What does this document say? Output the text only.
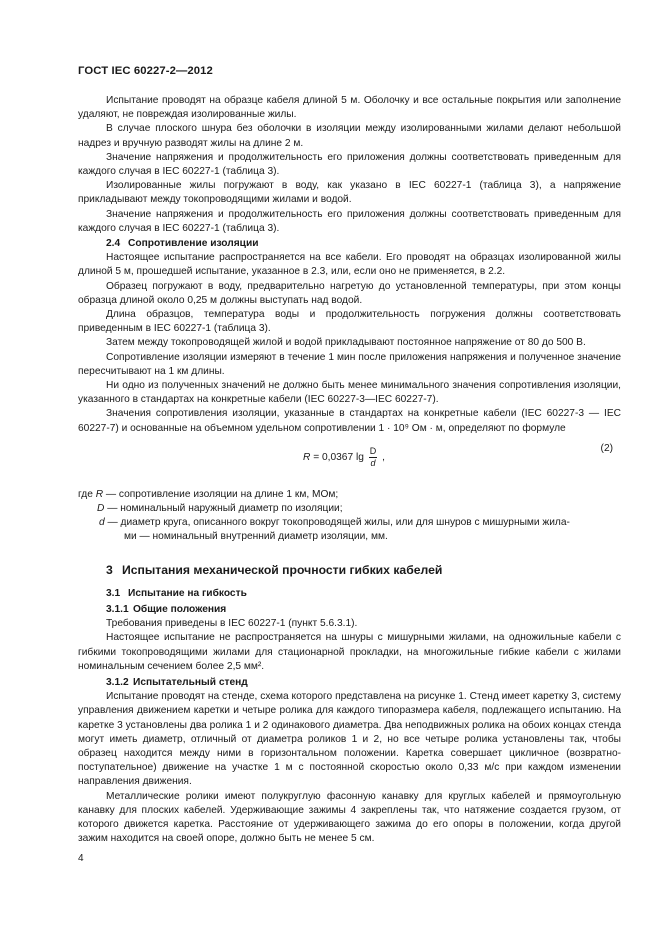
ГОСТ IEC 60227-2—2012

Испытание проводят на образце кабеля длиной 5 м. Оболочку и все остальные покрытия или заполнение удаляют, не повреждая изолированные жилы.

В случае плоского шнура без оболочки в изоляции между изолированными жилами делают небольшой надрез и вручную разводят жилы на длине 2 м.

Значение напряжения и продолжительность его приложения должны соответствовать приведенным для каждого случая в IEC 60227-1 (таблица 3).

Изолированные жилы погружают в воду, как указано в IEC 60227-1 (таблица 3), а напряжение прикладывают между токопроводящими жилами и водой.

Значение напряжения и продолжительность его приложения должны соответствовать приведенным для каждого случая в IEC 60227-1 (таблица 3).

2.4 Сопротивление изоляции

Настоящее испытание распространяется на все кабели. Его проводят на образцах изолированной жилы длиной 5 м, прошедшей испытание, указанное в 2.3, или, если оно не применяется, в 2.2.

Образец погружают в воду, предварительно нагретую до установленной температуры, при этом концы образца длиной около 0,25 м должны выступать над водой.

Длина образцов, температура воды и продолжительность погружения должны соответствовать приведенным в IEC 60227-1 (таблица 3).

Затем между токопроводящей жилой и водой прикладывают постоянное напряжение от 80 до 500 В.

Сопротивление изоляции измеряют в течение 1 мин после приложения напряжения и полученное значение пересчитывают на 1 км длины.

Ни одно из полученных значений не должно быть менее минимального значения сопротивления изоляции, указанного в стандартах на конкретные кабели (IEC 60227-3—IEC 60227-7).

Значения сопротивления изоляции, указанные в стандартах на конкретные кабели (IEC 60227-3 — IEC 60227-7) и основанные на объемном удельном сопротивлении 1 · 10⁹ Ом · м, определяют по формуле

R = 0,0367 $\lg \frac{D}{d}$ ,
(2)

где R — сопротивление изоляции на длине 1 км, МОм;

D — номинальный наружный диаметр по изоляции;

d — диаметр круга, описанного вокруг токопроводящей жилы, или для шнуров с мишурными жила-
ми — номинальный внутренний диаметр изоляции, мм.

3 Испытания механической прочности гибких кабелей
3.1 Испытание на гибкость
3.1.1 Общие положения

Требования приведены в IEC 60227-1 (пункт 5.6.3.1).

Настоящее испытание не распространяется на шнуры с мишурными жилами, на одножильные кабели с гибкими токопроводящими жилами для стационарной прокладки, на многожильные гибкие кабели с жилами номинальным сечением более 2,5 мм².

3.1.2 Испытательный стенд

Испытание проводят на стенде, схема которого представлена на рисунке 1. Стенд имеет каретку 3, систему управления движением каретки и четыре ролика для каждого типоразмера кабеля, подлежащего испытанию. На каретке 3 установлены два ролика 1 и 2 одинакового диаметра. Два неподвижных ролика на обоих концах стенда могут иметь диаметр, отличный от диаметра роликов 1 и 2, но все четыре ролика установлены так, чтобы образец находится между ними в горизонтальном положении. Каретка совершает цикличное (возвратно-поступательное) движение на участке 1 м с постоянной скоростью около 0,33 м/с при каждом изменении направления движения.

Металлические ролики имеют полукруглую фасонную канавку для круглых кабелей и прямоугольную канавку для плоских кабелей. Удерживающие зажимы 4 закреплены так, что натяжение создается грузом, от которого движется каретка. Расстояние от удерживающего зажима до его опоры в положении, когда другой зажим находится на своей опоре, должно быть не менее 5 см.

4
